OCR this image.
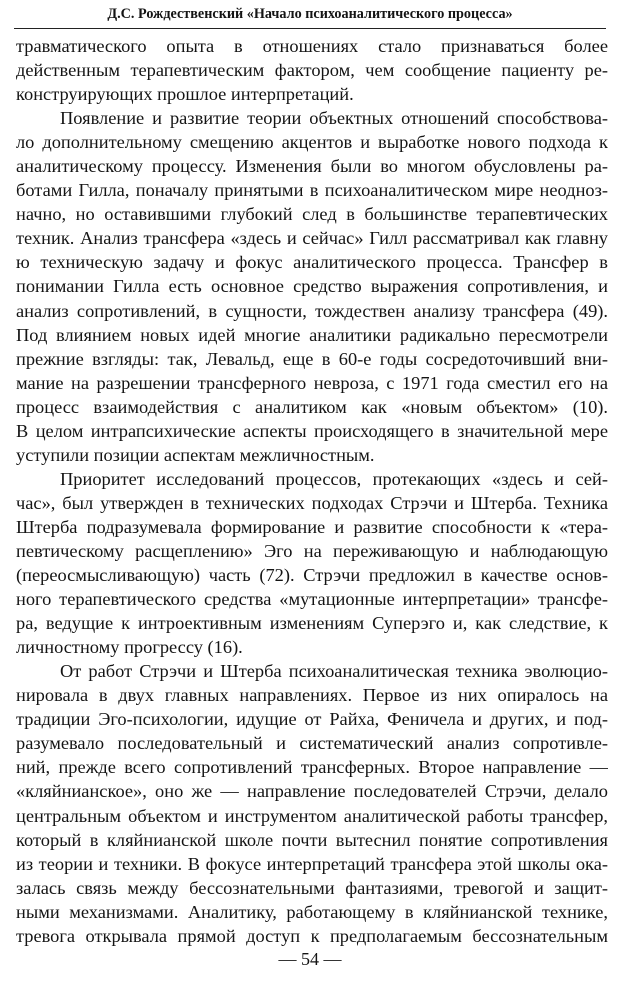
Д.С. Рождественский «Начало психоаналитического процесса»
травматического опыта в отношениях стало признаваться более
действенным терапевтическим фактором, чем сообщение пациенту ре-
конструирующих прошлое интерпретаций.
Появление и развитие теории объектных отношений способствова-
ло дополнительному смещению акцентов и выработке нового подхода к
аналитическому процессу. Изменения были во многом обусловлены ра-
ботами Гилла, поначалу принятыми в психоаналитическом мире неоднoз-
начно, но оставившими глубокий след в большинстве терапевтических
техник. Анализ трансфера «здесь и сейчас» Гилл рассматривал как главну
ю техническую задачу и фокус аналитического процесса. Трансфер в
понимании Гилла есть основное средство выражения сопротивления, и
анализ сопротивлений, в сущности, тождествен анализу трансфера (49).
Под влиянием новых идей многие аналитики радикально пересмотрели
прежние взгляды: так, Левальд, еще в 60-е годы сосредоточивший вни-
мание на разрешении трансферного невроза, с 1971 года сместил его на
процесс взаимодействия с аналитиком как «новым объектом» (10).
В целом интрапсихические аспекты происходящего в значительной мере
уступили позиции аспектам межличностным.
Приоритет исследований процессов, протекающих «здесь и сей-
час», был утвержден в технических подходах Стрэчи и Штерба. Техника
Штерба подразумевала формирование и развитие способности к «тера-
певтическому расщеплению» Эго на переживающую и наблюдающую
(переосмысливающую) часть (72). Стрэчи предложил в качестве основ-
ного терапевтического средства «мутационные интерпретации» трансфе-
ра, ведущие к интроективным изменениям Суперэго и, как следствие, к
личностному прогрессу (16).
От работ Стрэчи и Штерба психоаналитическая техника эволюцио-
нировала в двух главных направлениях. Первое из них опиралось на
традиции Эго-психологии, идущие от Райха, Феничела и других, и под-
разумевало последовательный и систематический анализ сопротивле-
ний, прежде всего сопротивлений трансферных. Второе направление —
«кляйнианское», оно же — направление последователей Стрэчи, делало
центральным объектом и инструментом аналитической работы трансфер,
который в кляйнианской школе почти вытеснил понятие сопротивления
из теории и техники. В фокусе интерпретаций трансфера этой школы ока-
залась связь между бессознательными фантазиями, тревогой и защит-
ными механизмами. Аналитику, работающему в кляйнианской технике,
тревога открывала прямой доступ к предполагаемым бессознательным
— 54 —
